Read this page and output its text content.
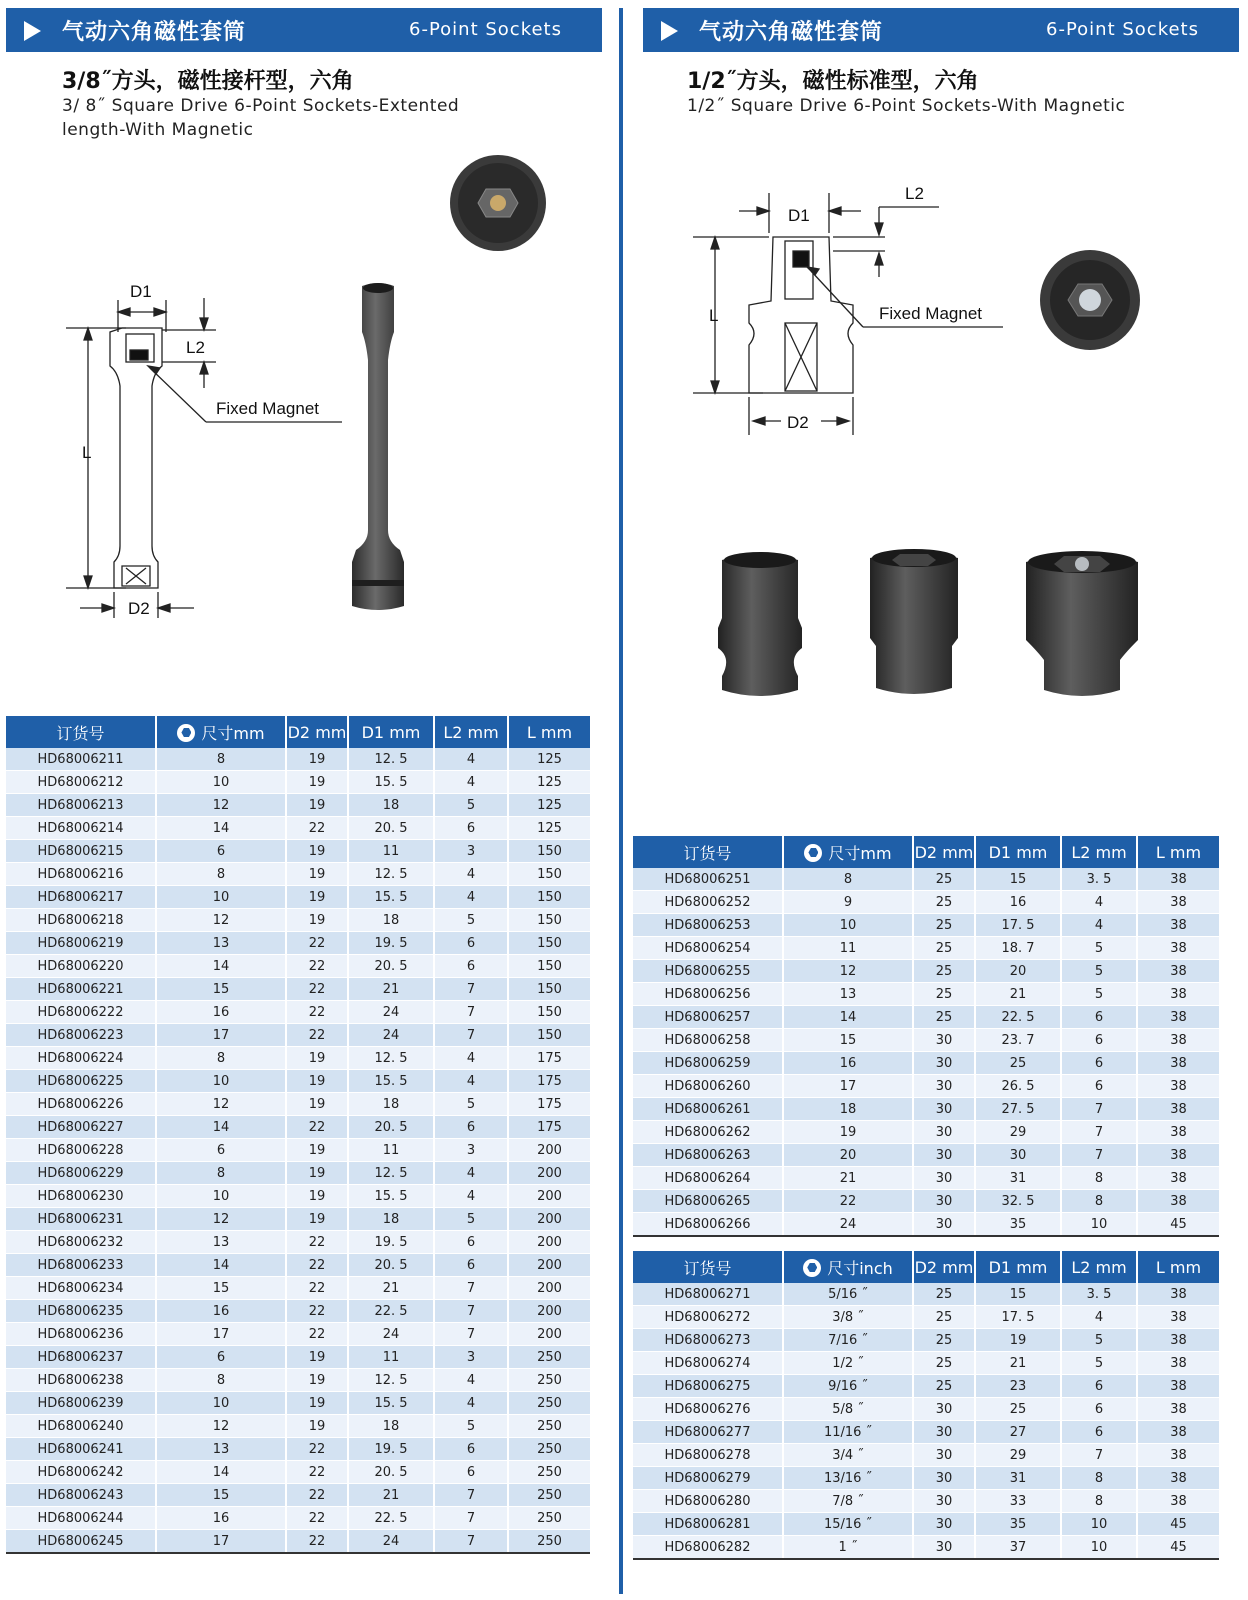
气动六角磁性套筒	6-Point Sockets
3/8˝方头，磁性接杆型，六角
3/ 8˝ Square Drive 6-Point Sockets-Extented
length-With Magnetic
D1
L2
L
D2
Fixed Magnet
订货号	尺寸mm	D2 mm	D1 mm	L2 mm	L mm
HD68006211	8	19	12. 5	4	125
HD68006212	10	19	15. 5	4	125
HD68006213	12	19	18	5	125
HD68006214	14	22	20. 5	6	125
HD68006215	6	19	11	3	150
HD68006216	8	19	12. 5	4	150
HD68006217	10	19	15. 5	4	150
HD68006218	12	19	18	5	150
HD68006219	13	22	19. 5	6	150
HD68006220	14	22	20. 5	6	150
HD68006221	15	22	21	7	150
HD68006222	16	22	24	7	150
HD68006223	17	22	24	7	150
HD68006224	8	19	12. 5	4	175
HD68006225	10	19	15. 5	4	175
HD68006226	12	19	18	5	175
HD68006227	14	22	20. 5	6	175
HD68006228	6	19	11	3	200
HD68006229	8	19	12. 5	4	200
HD68006230	10	19	15. 5	4	200
HD68006231	12	19	18	5	200
HD68006232	13	22	19. 5	6	200
HD68006233	14	22	20. 5	6	200
HD68006234	15	22	21	7	200
HD68006235	16	22	22. 5	7	200
HD68006236	17	22	24	7	200
HD68006237	6	19	11	3	250
HD68006238	8	19	12. 5	4	250
HD68006239	10	19	15. 5	4	250
HD68006240	12	19	18	5	250
HD68006241	13	22	19. 5	6	250
HD68006242	14	22	20. 5	6	250
HD68006243	15	22	21	7	250
HD68006244	16	22	22. 5	7	250
HD68006245	17	22	24	7	250
气动六角磁性套筒	6-Point Sockets
1/2˝方头，磁性标准型，六角
1/2˝ Square Drive 6-Point Sockets-With Magnetic
D1
L2
L
D2
Fixed Magnet
订货号	尺寸mm	D2 mm	D1 mm	L2 mm	L mm
HD68006251	8	25	15	3. 5	38
HD68006252	9	25	16	4	38
HD68006253	10	25	17. 5	4	38
HD68006254	11	25	18. 7	5	38
HD68006255	12	25	20	5	38
HD68006256	13	25	21	5	38
HD68006257	14	25	22. 5	6	38
HD68006258	15	30	23. 7	6	38
HD68006259	16	30	25	6	38
HD68006260	17	30	26. 5	6	38
HD68006261	18	30	27. 5	7	38
HD68006262	19	30	29	7	38
HD68006263	20	30	30	7	38
HD68006264	21	30	31	8	38
HD68006265	22	30	32. 5	8	38
HD68006266	24	30	35	10	45
订货号	尺寸inch	D2 mm	D1 mm	L2 mm	L mm
HD68006271	5/16 ˝	25	15	3. 5	38
HD68006272	3/8 ˝	25	17. 5	4	38
HD68006273	7/16 ˝	25	19	5	38
HD68006274	1/2 ˝	25	21	5	38
HD68006275	9/16 ˝	25	23	6	38
HD68006276	5/8 ˝	30	25	6	38
HD68006277	11/16 ˝	30	27	6	38
HD68006278	3/4 ˝	30	29	7	38
HD68006279	13/16 ˝	30	31	8	38
HD68006280	7/8 ˝	30	33	8	38
HD68006281	15/16 ˝	30	35	10	45
HD68006282	1 ˝	30	37	10	45
